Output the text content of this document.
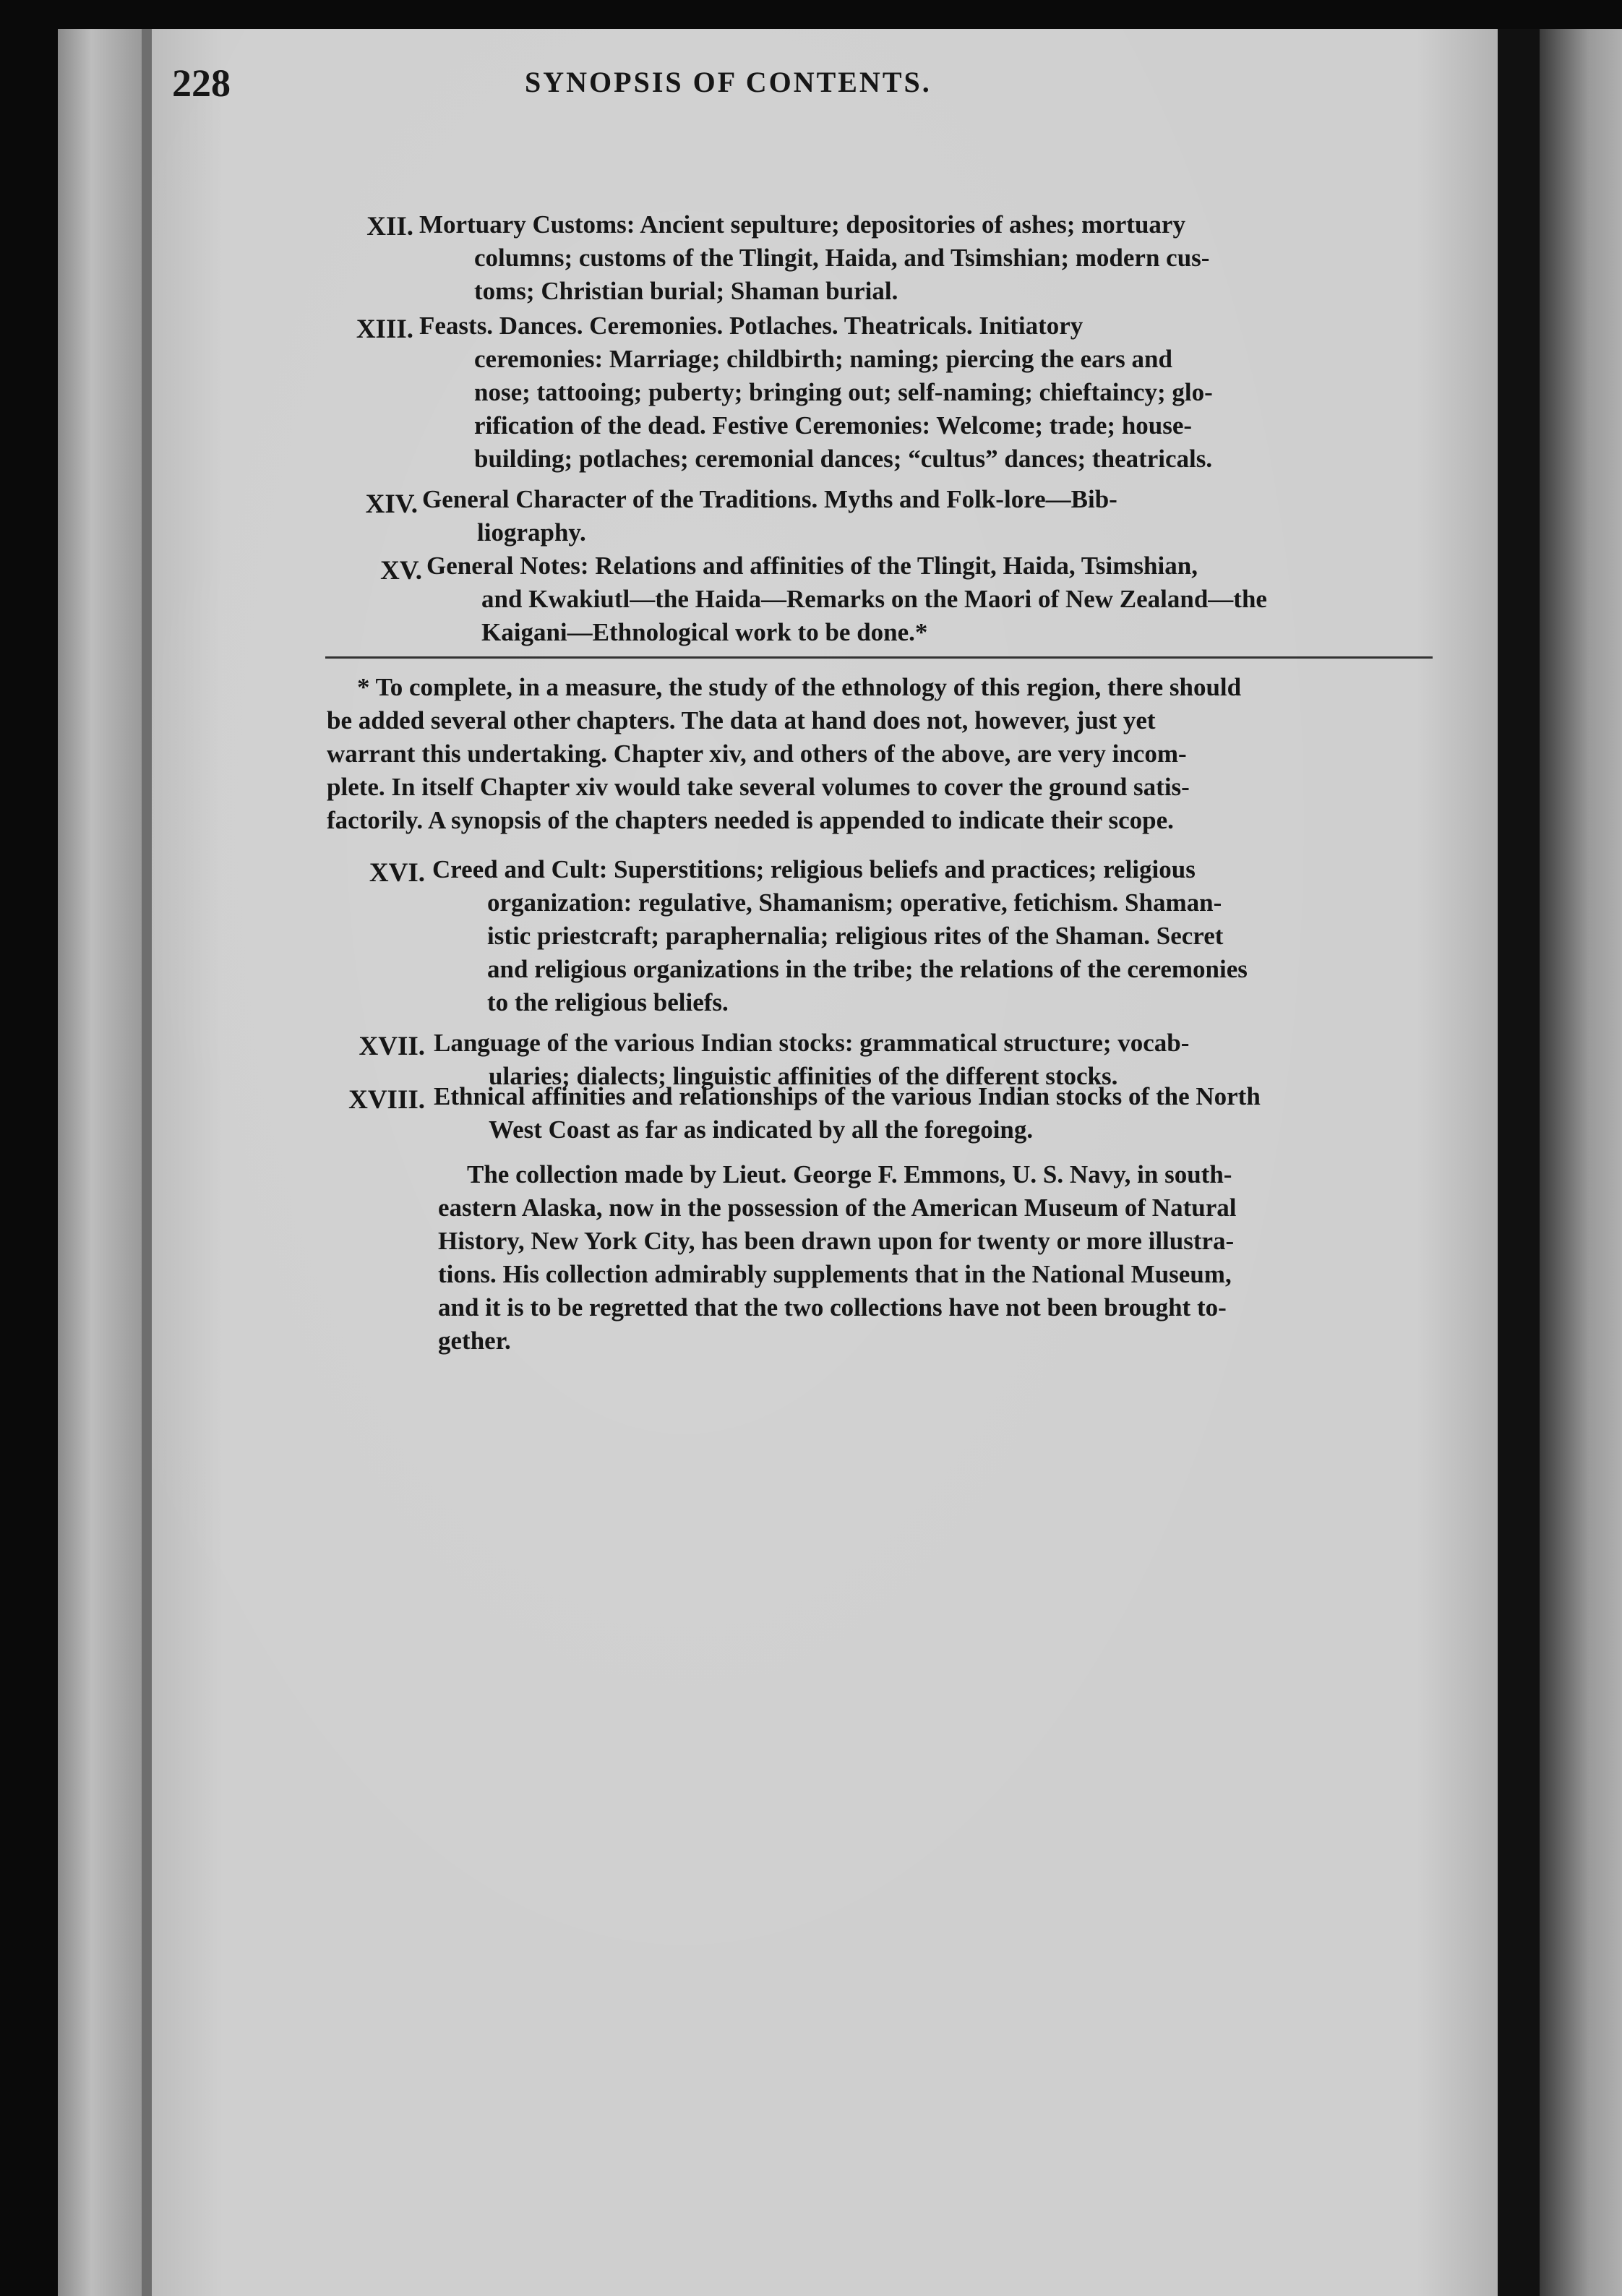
228	SYNOPSIS OF CONTENTS.
XII. Mortuary Customs: Ancient sepulture; depositories of ashes; mortuary
columns; customs of the Tlingit, Haida, and Tsimshian; modern cus-
toms; Christian burial; Shaman burial.
XIII. Feasts. Dances. Ceremonies. Potlaches. Theatricals. Initiatory
ceremonies: Marriage; childbirth; naming; piercing the ears and
nose; tattooing; puberty; bringing out; self-naming; chieftaincy; glo-
rification of the dead. Festive Ceremonies: Welcome; trade; house-
building; potlaches; ceremonial dances; “cultus” dances; theatricals.
XIV. General Character of the Traditions. Myths and Folk-lore—Bib-
liography.
XV. General Notes: Relations and affinities of the Tlingit, Haida, Tsimshian,
and Kwakiutl—the Haida—Remarks on the Maori of New Zealand—the
Kaigani—Ethnological work to be done.*
* To complete, in a measure, the study of the ethnology of this region, there should
be added several other chapters. The data at hand does not, however, just yet
warrant this undertaking. Chapter xiv, and others of the above, are very incom-
plete. In itself Chapter xiv would take several volumes to cover the ground satis-
factorily. A synopsis of the chapters needed is appended to indicate their scope.
XVI. Creed and Cult: Superstitions; religious beliefs and practices; religious
organization: regulative, Shamanism; operative, fetichism. Shaman-
istic priestcraft; paraphernalia; religious rites of the Shaman. Secret
and religious organizations in the tribe; the relations of the ceremonies
to the religious beliefs.
XVII. Language of the various Indian stocks: grammatical structure; vocab-
ularies; dialects; linguistic affinities of the different stocks.
XVIII. Ethnical affinities and relationships of the various Indian stocks of the North
West Coast as far as indicated by all the foregoing.
The collection made by Lieut. George F. Emmons, U. S. Navy, in south-
eastern Alaska, now in the possession of the American Museum of Natural
History, New York City, has been drawn upon for twenty or more illustra-
tions. His collection admirably supplements that in the National Museum,
and it is to be regretted that the two collections have not been brought to-
gether.
